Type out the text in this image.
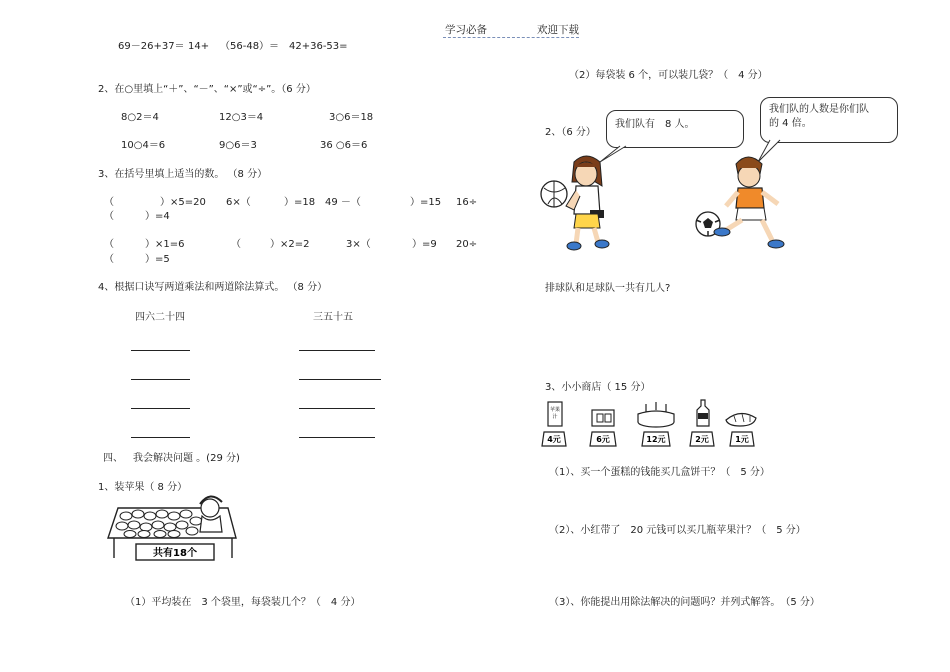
学习必备	欢迎下载
69－26+37＝ 14+ （56-48）＝ 42+36-53=
2、在○里填上“＋”、“－”、“×”或“÷”。（6 分）
8○2＝4	12○3＝4	3○6＝18
10○4＝6	9○6＝3	36 ○6＝6
3、在括号里填上适当的数。 （8 分）
（	）×5=20 6×（	）=18 49 －（	）=15 16÷
（	）=4
（	）×1=6	（	）×2=2	3×（	）=9 20÷
（	）=5
4、根据口诀写两道乘法和两道除法算式。 （8 分）
四六二十四	三五十五
四、 我会解决问题 。(29 分)
1、装苹果（ 8 分）
共有18个
（1）平均装在　3 个袋里，每袋装几个？（　4 分）
（2）每袋装 6 个，可以装几袋？（　4 分）
2、（6 分）
我们队有　8 人。
我们队的人数是你们队
的 4 倍。
排球队和足球队一共有几人?
3、小小商店（ 15 分）
苹果
汁
4元	6元	12元	2元	1元
（1）、买一个蛋糕的钱能买几盒饼干？（　5 分）
（2）、小红带了　20 元钱可以买几瓶苹果汁？（　5 分）
（3）、你能提出用除法解决的问题吗？并列式解答。　（5 分）
